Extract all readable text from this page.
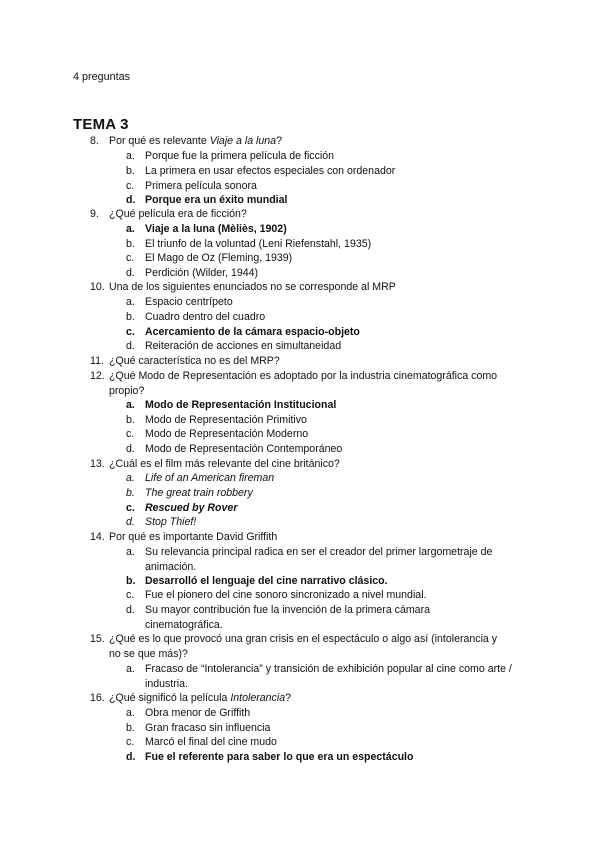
4 preguntas
TEMA 3
8. Por qué es relevante Viaje a la luna?
a. Porque fue la primera película de ficción
b. La primera en usar efectos especiales con ordenador
c. Primera película sonora
d. Porque era un éxito mundial
9. ¿Qué película era de ficción?
a. Viaje a la luna (Mèliès, 1902)
b. El triunfo de la voluntad (Leni Riefenstahl, 1935)
c. El Mago de Oz (Fleming, 1939)
d. Perdición (Wilder, 1944)
10. Una de los siguientes enunciados no se corresponde al MRP
a. Espacio centrípeto
b. Cuadro dentro del cuadro
c. Acercamiento de la cámara espacio-objeto
d. Reiteración de acciones en simultaneidad
11. ¿Qué característica no es del MRP?
12. ¿Qué Modo de Representación es adoptado por la industria cinematográfica como
propio?
a. Modo de Representación Institucional
b. Modo de Representación Primitivo
c. Modo de Representación Moderno
d. Modo de Representación Contemporáneo
13. ¿Cuál es el film más relevante del cine británico?
a. Life of an American fireman
b. The great train robbery
c. Rescued by Rover
d. Stop Thief!
14. Por qué es importante David Griffith
a. Su relevancia principal radica en ser el creador del primer largometraje de
animación.
b. Desarrolló el lenguaje del cine narrativo clásico.
c. Fue el pionero del cine sonoro sincronizado a nivel mundial.
d. Su mayor contribución fue la invención de la primera cámara
cinematográfica.
15. ¿Qué es lo que provocó una gran crisis en el espectáculo o algo así (intolerancia y
no se que más)?
a. Fracaso de “Intolerancia” y transición de exhibición popular al cine como arte /
industria.
16. ¿Qué significó la película Intolerancia?
a. Obra menor de Griffith
b. Gran fracaso sin influencia
c. Marcó el final del cine mudo
d. Fue el referente para saber lo que era un espectáculo
